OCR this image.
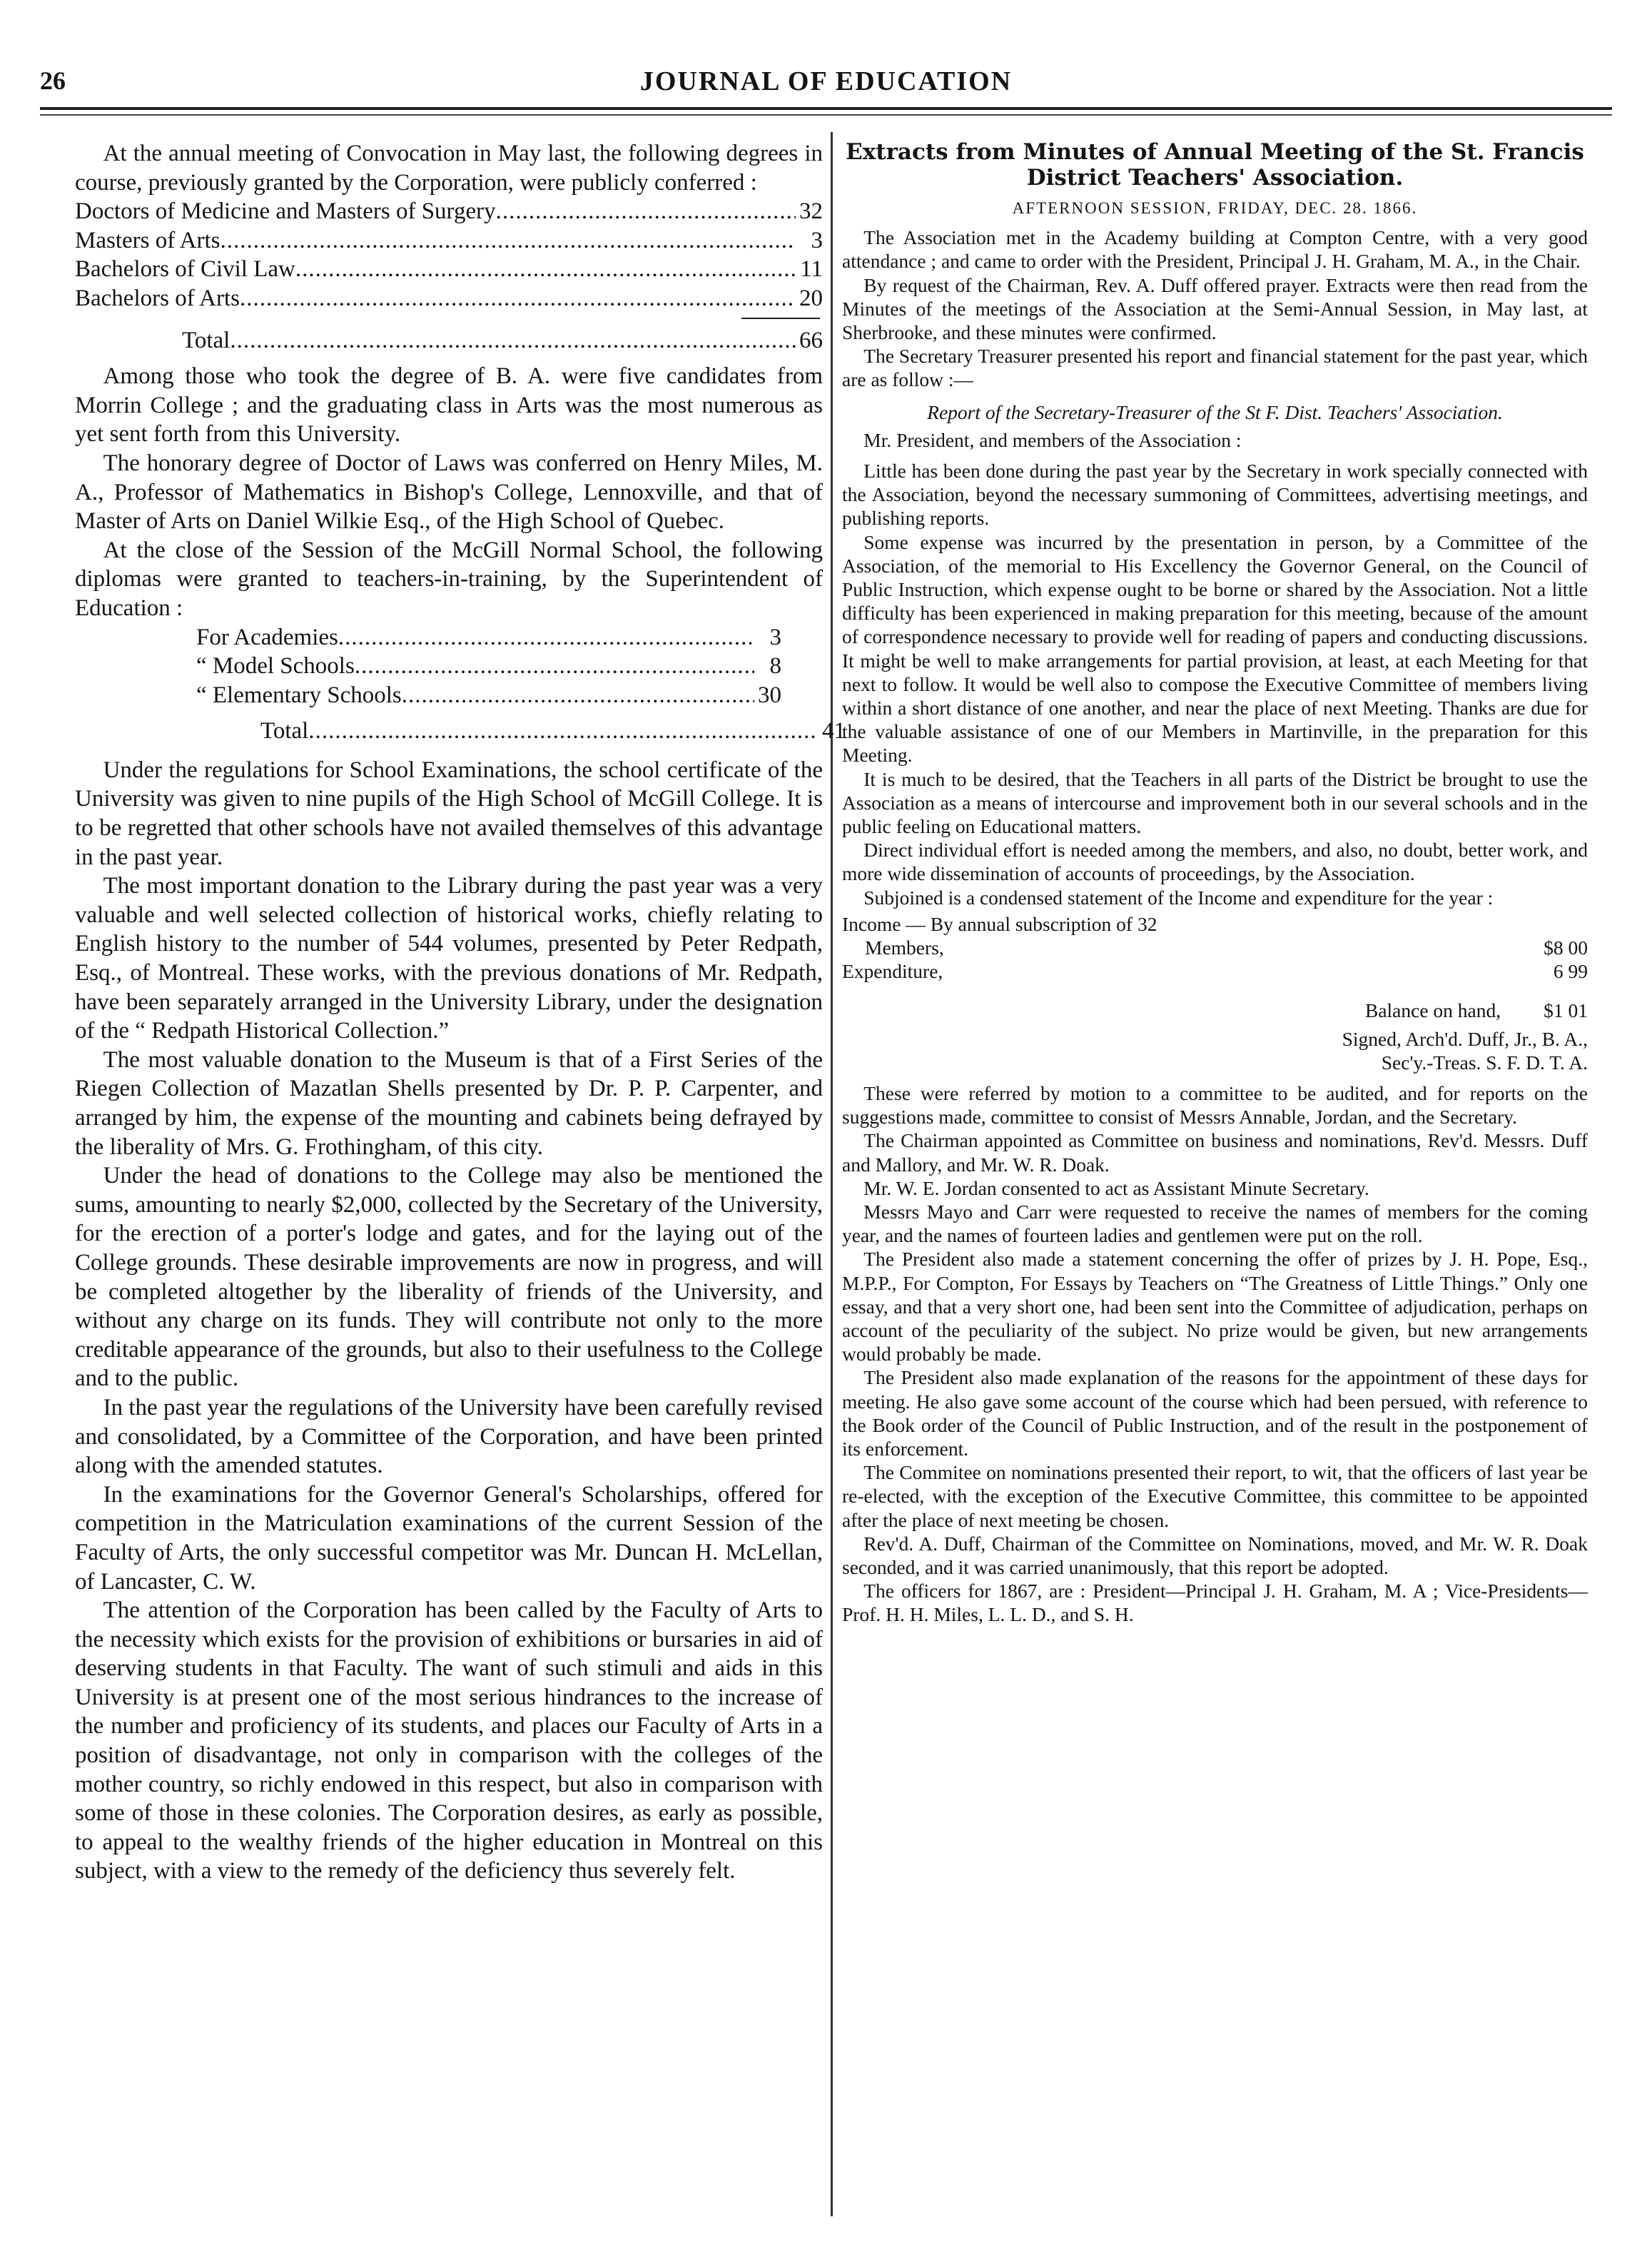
26	JOURNAL OF EDUCATION

At the annual meeting of Convocation in May last, the following degrees in course, previously granted by the Corporation, were publicly conferred :

Doctors of Medicine and Masters of Surgery .....	32
Masters of Arts .....	3
Bachelors of Civil Law .....	11
Bachelors of Arts .....	20
Total .....	66

Among those who took the degree of B. A. were five candidates from Morrin College ; and the graduating class in Arts was the most numerous as yet sent forth from this University.

The honorary degree of Doctor of Laws was conferred on Henry Miles, M. A., Professor of Mathematics in Bishop's College, Lennoxville, and that of Master of Arts on Daniel Wilkie Esq., of the High School of Quebec.

At the close of the Session of the McGill Normal School, the following diplomas were granted to teachers-in-training, by the Superintendent of Education :

For Academies .....	3
“ Model Schools .....	8
“ Elementary Schools .....	30
Total .....	41

Under the regulations for School Examinations, the school certificate of the University was given to nine pupils of the High School of McGill College. It is to be regretted that other schools have not availed themselves of this advantage in the past year.

The most important donation to the Library during the past year was a very valuable and well selected collection of historical works, chiefly relating to English history to the number of 544 volumes, presented by Peter Redpath, Esq., of Montreal. These works, with the previous donations of Mr. Redpath, have been separately arranged in the University Library, under the designation of the “ Redpath Historical Collection.”

The most valuable donation to the Museum is that of a First Series of the Riegen Collection of Mazatlan Shells presented by Dr. P. P. Carpenter, and arranged by him, the expense of the mounting and cabinets being defrayed by the liberality of Mrs. G. Frothingham, of this city.

Under the head of donations to the College may also be mentioned the sums, amounting to nearly $2,000, collected by the Secretary of the University, for the erection of a porter's lodge and gates, and for the laying out of the College grounds. These desirable improvements are now in progress, and will be completed altogether by the liberality of friends of the University, and without any charge on its funds. They will contribute not only to the more creditable appearance of the grounds, but also to their usefulness to the College and to the public.

In the past year the regulations of the University have been carefully revised and consolidated, by a Committee of the Corporation, and have been printed along with the amended statutes.

In the examinations for the Governor General's Scholarships, offered for competition in the Matriculation examinations of the current Session of the Faculty of Arts, the only successful competitor was Mr. Duncan H. McLellan, of Lancaster, C. W.

The attention of the Corporation has been called by the Faculty of Arts to the necessity which exists for the provision of exhibitions or bursaries in aid of deserving students in that Faculty. The want of such stimuli and aids in this University is at present one of the most serious hindrances to the increase of the number and proficiency of its students, and places our Faculty of Arts in a position of disadvantage, not only in comparison with the colleges of the mother country, so richly endowed in this respect, but also in comparison with some of those in these colonies. The Corporation desires, as early as possible, to appeal to the wealthy friends of the higher education in Montreal on this subject, with a view to the remedy of the deficiency thus severely felt.

Extracts from Minutes of Annual Meeting of the St. Francis District Teachers' Association.
AFTERNOON SESSION, FRIDAY, DEC. 28. 1866.

The Association met in the Academy building at Compton Centre, with a very good attendance ; and came to order with the President, Principal J. H. Graham, M. A., in the Chair.

By request of the Chairman, Rev. A. Duff offered prayer. Extracts were then read from the Minutes of the meetings of the Association at the Semi-Annual Session, in May last, at Sherbrooke, and these minutes were confirmed.

The Secretary Treasurer presented his report and financial statement for the past year, which are as follow :—

Report of the Secretary-Treasurer of the St F. Dist. Teachers' Association.

Mr. President, and members of the Association :

Little has been done during the past year by the Secretary in work specially connected with the Association, beyond the necessary summoning of Committees, advertising meetings, and publishing reports.

Some expense was incurred by the presentation in person, by a Committee of the Association, of the memorial to His Excellency the Governor General, on the Council of Public Instruction, which expense ought to be borne or shared by the Association. Not a little difficulty has been experienced in making preparation for this meeting, because of the amount of correspondence necessary to provide well for reading of papers and conducting discussions. It might be well to make arrangements for partial provision, at least, at each Meeting for that next to follow. It would be well also to compose the Executive Committee of members living within a short distance of one another, and near the place of next Meeting. Thanks are due for the valuable assistance of one of our Members in Martinville, in the preparation for this Meeting.

It is much to be desired, that the Teachers in all parts of the District be brought to use the Association as a means of intercourse and improvement both in our several schools and in the public feeling on Educational matters.

Direct individual effort is needed among the members, and also, no doubt, better work, and more wide dissemination of accounts of proceedings, by the Association.

Subjoined is a condensed statement of the Income and expenditure for the year :

Income — By annual subscription of 32
Members,	$8 00
Expenditure,	6 99
Balance on hand, $1 01
Signed, Arch'd. Duff, Jr., B. A.,
Sec'y.-Treas. S. F. D. T. A.

These were referred by motion to a committee to be audited, and for reports on the suggestions made, committee to consist of Messrs Annable, Jordan, and the Secretary.

The Chairman appointed as Committee on business and nominations, Rev'd. Messrs. Duff and Mallory, and Mr. W. R. Doak.

Mr. W. E. Jordan consented to act as Assistant Minute Secretary.

Messrs Mayo and Carr were requested to receive the names of members for the coming year, and the names of fourteen ladies and gentlemen were put on the roll.

The President also made a statement concerning the offer of prizes by J. H. Pope, Esq., M.P.P., For Compton, For Essays by Teachers on “The Greatness of Little Things.” Only one essay, and that a very short one, had been sent into the Committee of adjudication, perhaps on account of the peculiarity of the subject. No prize would be given, but new arrangements would probably be made.

The President also made explanation of the reasons for the appointment of these days for meeting. He also gave some account of the course which had been persued, with reference to the Book order of the Council of Public Instruction, and of the result in the postponement of its enforcement.

The Commitee on nominations presented their report, to wit, that the officers of last year be re-elected, with the exception of the Executive Committee, this committee to be appointed after the place of next meeting be chosen.

Rev'd. A. Duff, Chairman of the Committee on Nominations, moved, and Mr. W. R. Doak seconded, and it was carried unanimously, that this report be adopted.

The officers for 1867, are : President—Principal J. H. Graham, M. A ; Vice-Presidents—Prof. H. H. Miles, L. L. D., and S. H.
